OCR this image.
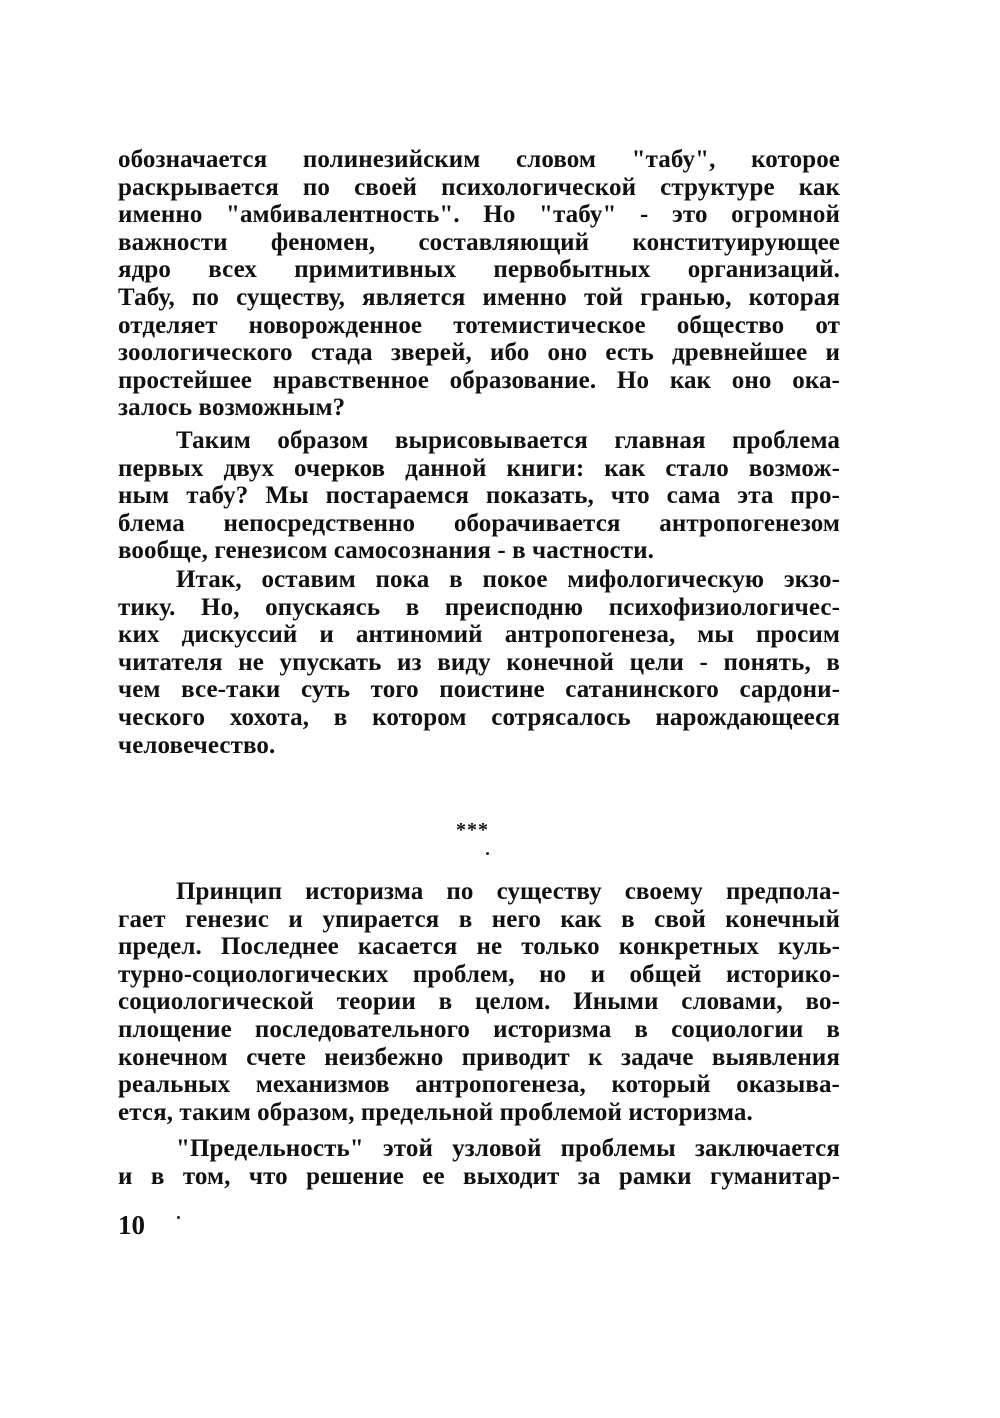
обозначается полинезийским словом "табу", которое
раскрывается по своей психологической структуре как
именно "амбивалентность". Но "табу" - это огромной
важности феномен, составляющий конституирующее
ядро всех примитивных первобытных организаций.
Табу, по существу, является именно той гранью, которая
отделяет новорожденное тотемистическое общество от
зоологического стада зверей, ибо оно есть древнейшее и
простейшее нравственное образование. Но как оно ока-
залось возможным?
Таким образом вырисовывается главная проблема
первых двух очерков данной книги: как стало возмож-
ным табу? Мы постараемся показать, что сама эта про-
блема непосредственно оборачивается антропогенезом
вообще, генезисом самосознания - в частности.
Итак, оставим пока в покое мифологическую экзо-
тику. Но, опускаясь в преисподню психофизиологичес-
ких дискуссий и антиномий антропогенеза, мы просим
читателя не упускать из виду конечной цели - понять, в
чем все-таки суть того поистине сатанинского сардони-
ческого хохота, в котором сотрясалось нарождающееся
человечество.
Принцип историзма по существу своему предпола-
гает генезис и упирается в него как в свой конечный
предел. Последнее касается не только конкретных куль-
турно-социологических проблем, но и общей историко-
социологической теории в целом. Иными словами, во-
площение последовательного историзма в социологии в
конечном счете неизбежно приводит к задаче выявления
реальных механизмов антропогенеза, который оказыва-
ется, таким образом, предельной проблемой историзма.
"Предельность" этой узловой проблемы заключается
и в том, что решение ее выходит за рамки гуманитар-
***
10
